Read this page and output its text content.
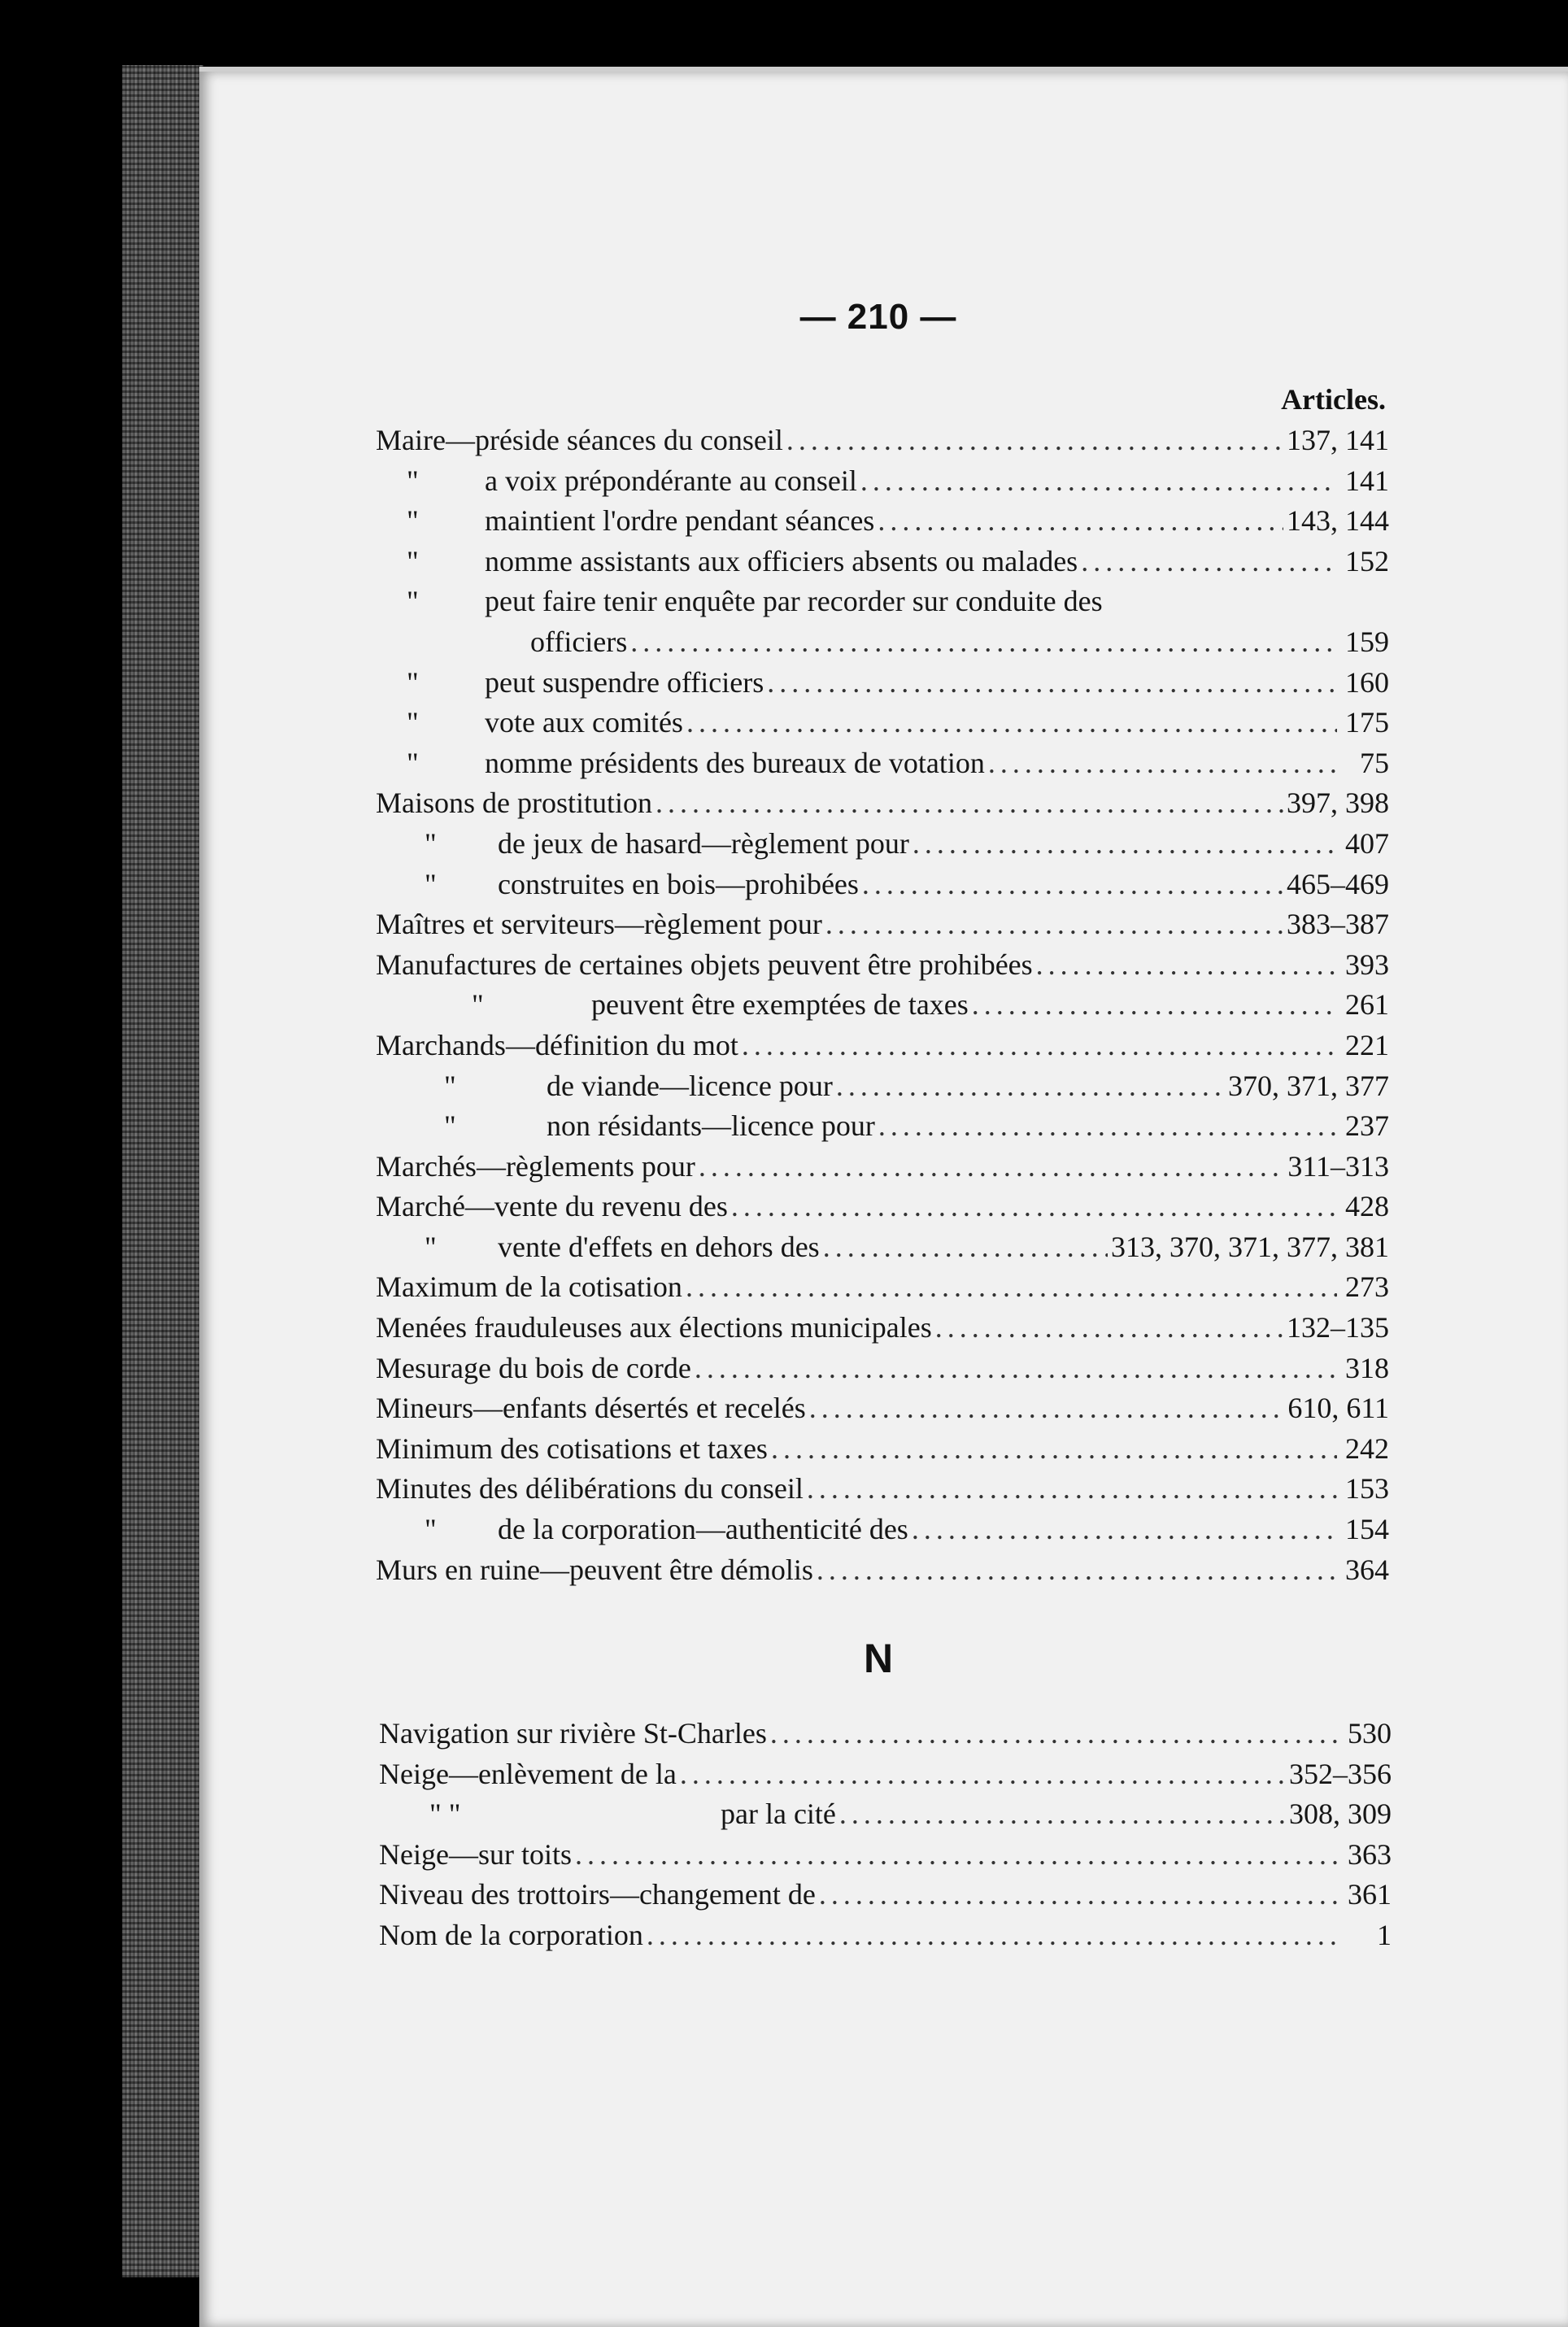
— 210 —
Articles.
Maire—préside séances du conseil .....	137, 141
" a voix prépondérante au conseil .....	141
" maintient l'ordre pendant séances .....	143, 144
" nomme assistants aux officiers absents ou malades .....	152
" peut faire tenir enquête par recorder sur conduite des
officiers .....	159
" peut suspendre officiers .....	160
" vote aux comités .....	175
" nomme présidents des bureaux de votation .....	75
Maisons de prostitution .....	397, 398
" de jeux de hasard—règlement pour .....	407
" construites en bois—prohibées .....	465–469
Maîtres et serviteurs—règlement pour .....	383–387
Manufactures de certaines objets peuvent être prohibées .....	393
"	peuvent être exemptées de taxes .....	261
Marchands—définition du mot .....	221
"	de viande—licence pour .....	370, 371, 377
"	non résidants—licence pour .....	237
Marchés—règlements pour .....	311–313
Marché—vente du revenu des .....	428
" vente d'effets en dehors des .....	313, 370, 371, 377, 381
Maximum de la cotisation .....	273
Menées frauduleuses aux élections municipales .....	132–135
Mesurage du bois de corde .....	318
Mineurs—enfants désertés et recelés .....	610, 611
Minimum des cotisations et taxes .....	242
Minutes des délibérations du conseil .....	153
" de la corporation—authenticité des .....	154
Murs en ruine—peuvent être démolis .....	364
N
Navigation sur rivière St-Charles .....	530
Neige—enlèvement de la .....	352–356
" "	par la cité .....	308, 309
Neige—sur toits .....	363
Niveau des trottoirs—changement de .....	361
Nom de la corporation .....	1
